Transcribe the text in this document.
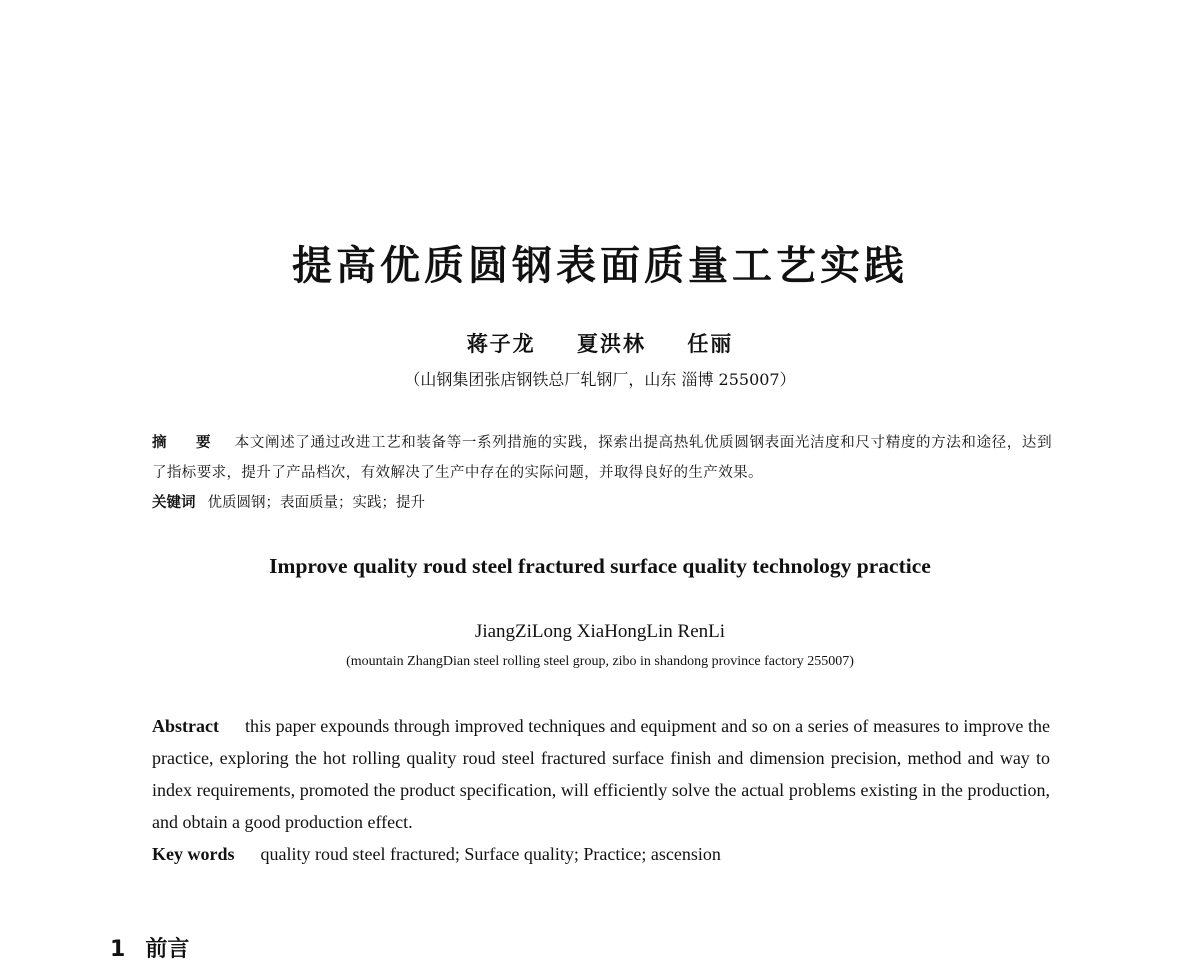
提高优质圆钢表面质量工艺实践
蒋子龙 夏洪林 任丽
（山钢集团张店钢铁总厂轧钢厂，山东 淄博 255007）
摘 要 本文阐述了通过改进工艺和装备等一系列措施的实践，探索出提高热轧优质圆钢表面光洁度和尺寸精度的方法和途径，达到了指标要求，提升了产品档次，有效解决了生产中存在的实际问题，并取得良好的生产效果。
关键词 优质圆钢；表面质量；实践；提升
Improve quality roud steel fractured surface quality technology practice
JiangZiLong XiaHongLin RenLi
(mountain ZhangDian steel rolling steel group, zibo in shandong province factory 255007)
Abstract this paper expounds through improved techniques and equipment and so on a series of measures to improve the practice, exploring the hot rolling quality roud steel fractured surface finish and dimension precision, method and way to index requirements, promoted the product specification, will efficiently solve the actual problems existing in the production, and obtain a good production effect.
Key words quality roud steel fractured; Surface quality; Practice; ascension
1 前言
